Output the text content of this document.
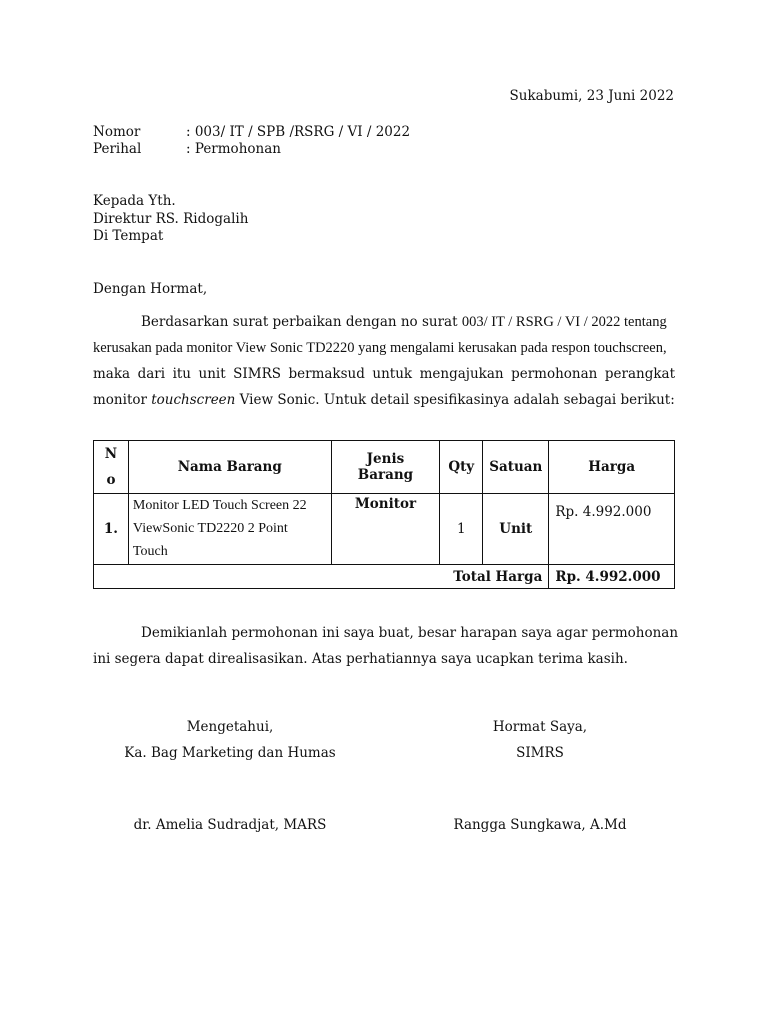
Sukabumi, 23 Juni 2022
Nomor	: 003/ IT / SPB /RSRG / VI / 2022
Perihal	: Permohonan
Kepada Yth.
Direktur RS. Ridogalih
Di Tempat
Dengan Hormat,
Berdasarkan surat perbaikan dengan no surat 003/ IT / RSRG / VI / 2022 tentang
kerusakan pada monitor View Sonic TD2220 yang mengalami kerusakan pada respon touchscreen,
maka dari itu unit SIMRS bermaksud untuk mengajukan permohonan perangkat
monitor touchscreen View Sonic. Untuk detail spesifikasinya adalah sebagai berikut:
N
o	Nama Barang	Jenis Barang	Qty	Satuan	Harga
1.	Monitor LED Touch Screen 22
ViewSonic TD2220 2 Point
Touch	Monitor	1	Unit	Rp. 4.992.000
Total Harga					Rp. 4.992.000
Demikianlah permohonan ini saya buat, besar harapan saya agar permohonan
ini segera dapat direalisasikan. Atas perhatiannya saya ucapkan terima kasih.
Mengetahui,
Ka. Bag Marketing dan Humas
dr. Amelia Sudradjat, MARS
Hormat Saya,
SIMRS
Rangga Sungkawa, A.Md
